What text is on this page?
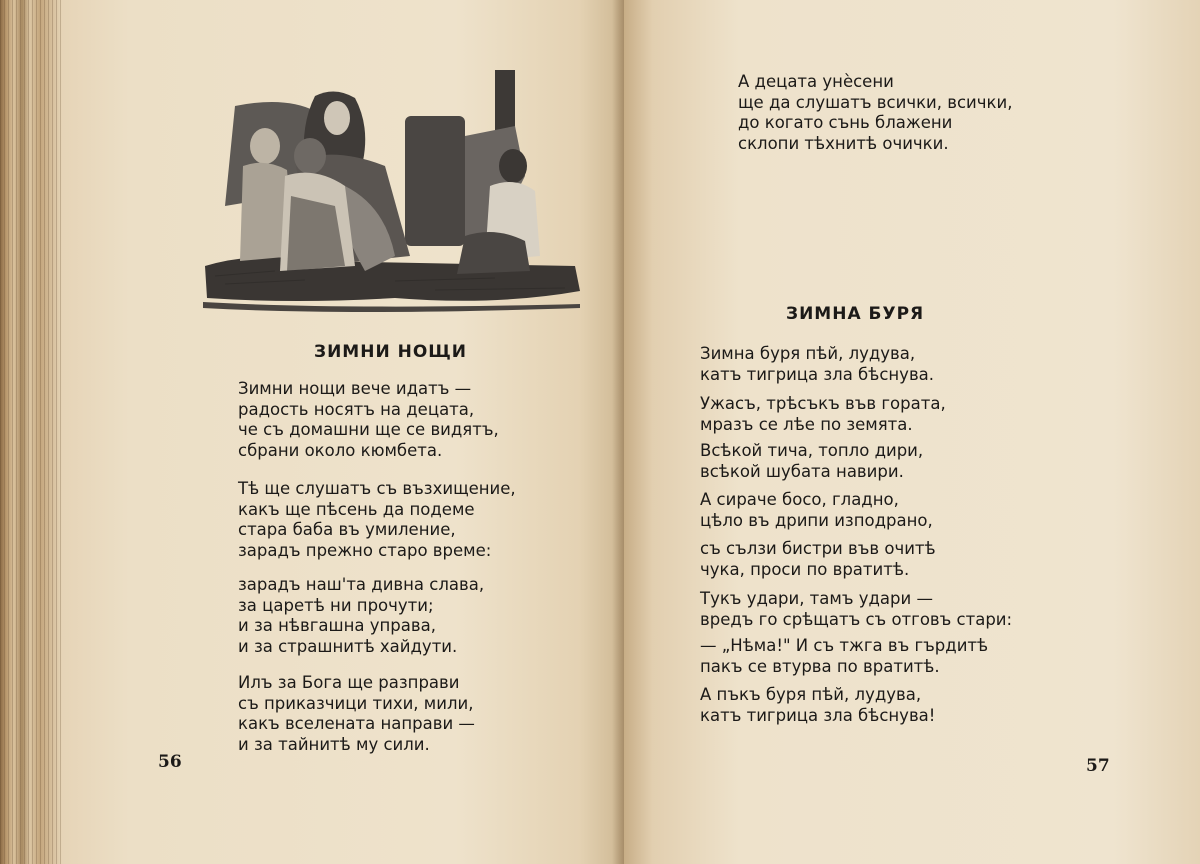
ЗИМНИ НОЩИ
Зимни нощи вече идатъ —
радость носятъ на децата,
че съ домашни ще се видятъ,
сбрани около кюмбета.
Тѣ ще слушатъ съ възхищение,
какъ ще пѣсень да подеме
стара баба въ умиление,
зарадъ прежно старо време:
зарадъ наш'та дивна слава,
за царетѣ ни прочути;
и за нѣвгашна управа,
и за страшнитѣ хайдути.
Илъ за Бога ще разправи
съ приказчици тихи, мили,
какъ вселената направи —
и за тайнитѣ му сили.
56
А децата унѐсени
ще да слушатъ всички, всички,
до когато сънь блажени
склопи тѣхнитѣ очички.
ЗИМНА БУРЯ
Зимна буря пѣй, лудува,
катъ тигрица зла бѣснува.
Ужасъ, трѣсъкъ във гората,
мразъ се лѣе по земята.
Всѣкой тича, топло дири,
всѣкой шубата навири.
А сираче босо, гладно,
цѣло въ дрипи изподрано,
съ сълзи бистри във очитѣ
чука, проси по вратитѣ.
Тукъ удари, тамъ удари —
вредъ го срѣщатъ съ отговъ стари:
— „Нѣма!" И съ тжга въ гърдитѣ
пакъ се втурва по вратитѣ.
А пъкъ буря пѣй, лудува,
катъ тигрица зла бѣснува!
57
